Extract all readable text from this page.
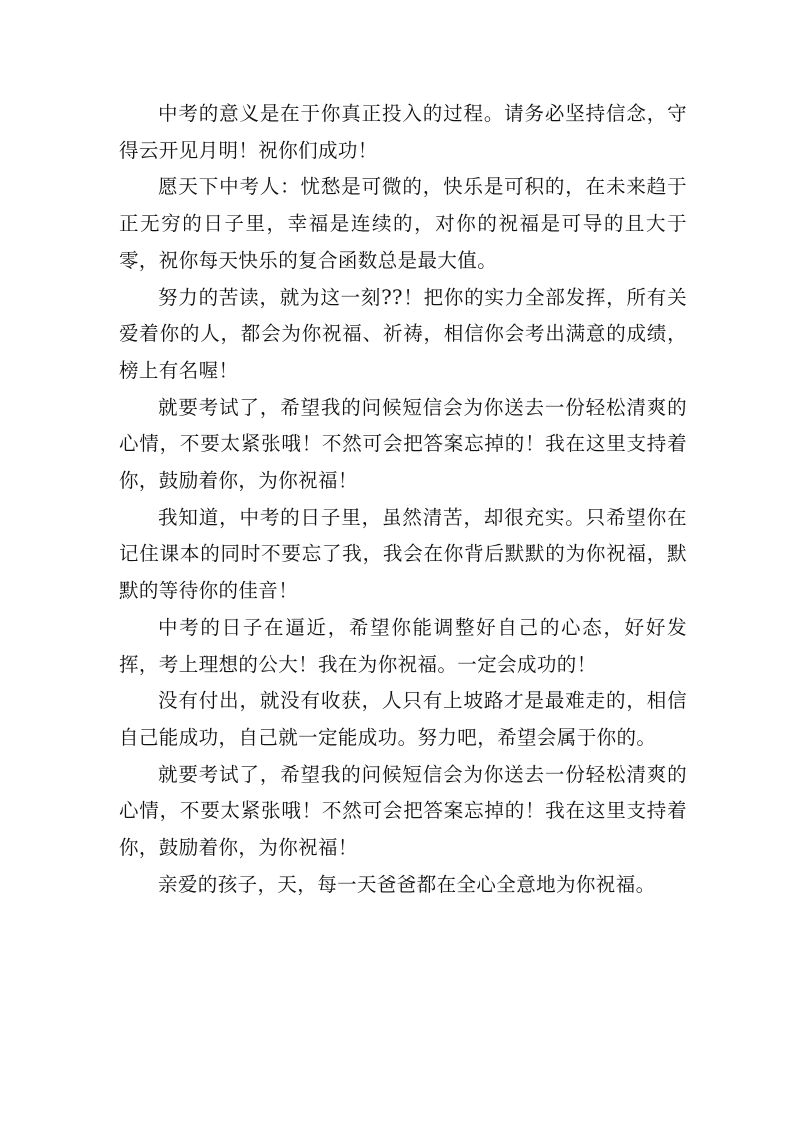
中考的意义是在于你真正投入的过程。请务必坚持信念，守得云开见月明！祝你们成功！

愿天下中考人：忧愁是可微的，快乐是可积的，在未来趋于正无穷的日子里，幸福是连续的，对你的祝福是可导的且大于零，祝你每天快乐的复合函数总是最大值。

努力的苦读，就为这一刻??！把你的实力全部发挥，所有关爱着你的人，都会为你祝福、祈祷，相信你会考出满意的成绩，榜上有名喔！

就要考试了，希望我的问候短信会为你送去一份轻松清爽的心情，不要太紧张哦！不然可会把答案忘掉的！我在这里支持着你，鼓励着你，为你祝福！

我知道，中考的日子里，虽然清苦，却很充实。只希望你在记住课本的同时不要忘了我，我会在你背后默默的为你祝福，默默的等待你的佳音！

中考的日子在逼近，希望你能调整好自己的心态，好好发挥，考上理想的公大！我在为你祝福。一定会成功的！

没有付出，就没有收获，人只有上坡路才是最难走的，相信自己能成功，自己就一定能成功。努力吧，希望会属于你的。

就要考试了，希望我的问候短信会为你送去一份轻松清爽的心情，不要太紧张哦！不然可会把答案忘掉的！我在这里支持着你，鼓励着你，为你祝福！

亲爱的孩子，天，每一天爸爸都在全心全意地为你祝福。
